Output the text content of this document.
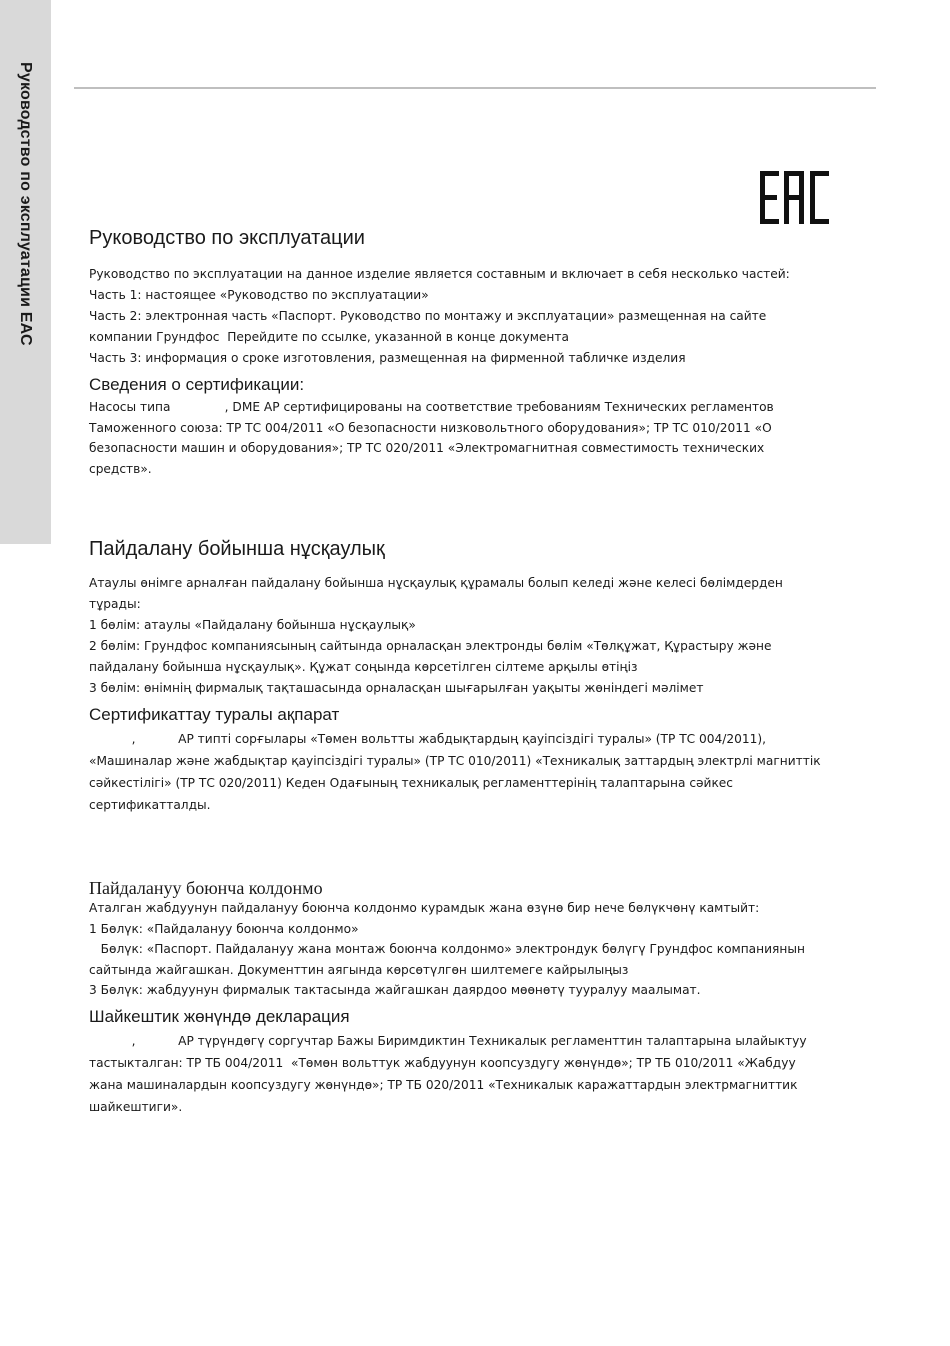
Руководство по эксплуатации ЕАС	Руководство по эксплуатации
Руководство по эксплуатации на данное изделие является составным и включает в себя несколько частей:
Часть 1: настоящее «Руководство по эксплуатации»
Часть 2: электронная часть «Паспорт. Руководство по монтажу и эксплуатации» размещенная на сайте
компании Грундфос  Перейдите по ссылке, указанной в конце документа
Часть 3: информация о сроке изготовления, размещенная на фирменной табличке изделия
Сведения о сертификации:
Насосы типа              , DME AP сертифицированы на соответствие требованиям Технических регламентов
Таможенного союза: ТР ТС 004/2011 «О безопасности низковольтного оборудования»; ТР ТС 010/2011 «О
безопасности машин и оборудования»; ТР ТС 020/2011 «Электромагнитная совместимость технических
средств».
Пайдалану бойынша нұсқаулық
Атаулы өнімге арналған пайдалану бойынша нұсқаулық құрамалы болып келеді және келесі бөлімдерден
тұрады:
1 бөлім: атаулы «Пайдалану бойынша нұсқаулық»
2 бөлім: Грундфос компаниясының сайтында орналасқан электронды бөлім «Төлқұжат, Құрастыру және
пайдалану бойынша нұсқаулық». Құжат соңында көрсетілген сілтеме арқылы өтіңіз
3 бөлім: өнімнің фирмалық тақташасында орналасқан шығарылған уақыты жөніндегі мәлімет
Сертификаттау туралы ақпарат
,           АР типті сорғылары «Төмен вольтты жабдықтардың қауіпсіздігі туралы» (ТР ТС 004/2011),
«Машиналар және жабдықтар қауіпсіздігі туралы» (ТР ТС 010/2011) «Техникалық заттардың электрлі магниттік
сәйкестілігі» (ТР ТС 020/2011) Кеден Одағының техникалық регламенттерінің талаптарына сәйкес
сертификатталды.
Пайдалануу боюнча колдонмо
Аталган жабдуунун пайдалануу боюнча колдонмо курамдык жана өзүнө бир нече бөлүкчөнү камтыйт:
1 Бөлүк: «Пайдалануу боюнча колдонмо»
Бөлүк: «Паспорт. Пайдалануу жана монтаж боюнча колдонмо» электрондук бөлүгү Грундфос компаниянын
сайтында жайгашкан. Документтин аягында көрсөтүлгөн шилтемеге кайрылыңыз
3 Бөлүк: жабдуунун фирмалык тактасында жайгашкан даярдоо мөөнөтү тууралуу маалымат.
Шайкештик жөнүндө декларация
,           АР түрүндөгү соргучтар Бажы Биримдиктин Техникалык регламенттин талаптарына ылайыктуу
тастыкталган: ТР ТБ 004/2011  «Төмөн вольттук жабдуунун коопсуздугу жөнүндө»; ТР ТБ 010/2011 «Жабдуу
жана машиналардын коопсуздугу жөнүндө»; ТР ТБ 020/2011 «Техникалык каражаттардын электрмагниттик
шайкештиги».
